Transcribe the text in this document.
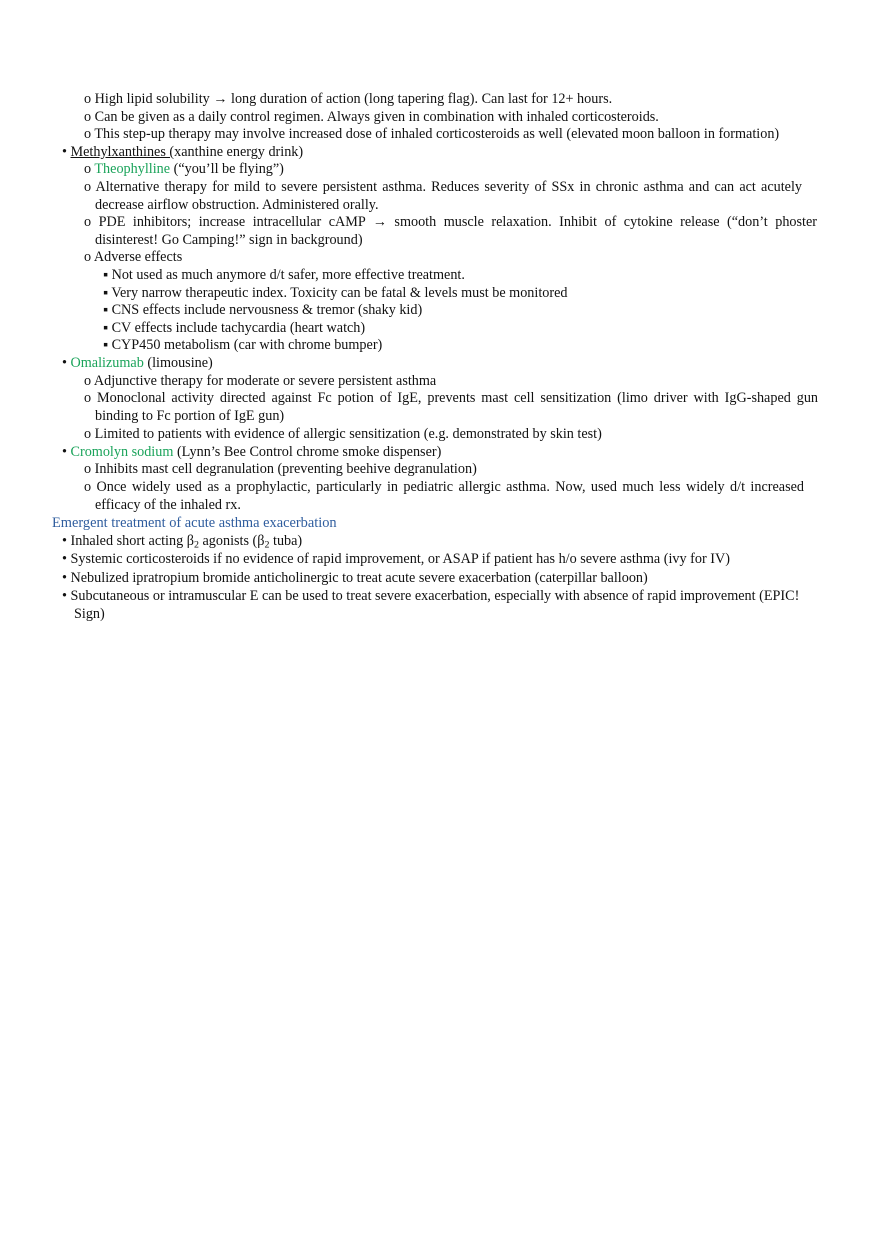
o High lipid solubility → long duration of action (long tapering flag). Can last for 12+ hours.
o Can be given as a daily control regimen. Always given in combination with inhaled corticosteroids.
o This step-up therapy may involve increased dose of inhaled corticosteroids as well (elevated moon balloon in formation)
• Methylxanthines (xanthine energy drink)
o Theophylline (“you’ll be flying”)
o Alternative therapy for mild to severe persistent asthma. Reduces severity of SSx in chronic asthma and can act acutely
decrease airflow obstruction. Administered orally.
o PDE inhibitors; increase intracellular cAMP → smooth muscle relaxation. Inhibit of cytokine release (“don’t phoster
disinterest! Go Camping!” sign in background)
o Adverse effects
▪ Not used as much anymore d/t safer, more effective treatment.
▪ Very narrow therapeutic index. Toxicity can be fatal & levels must be monitored
▪ CNS effects include nervousness & tremor (shaky kid)
▪ CV effects include tachycardia (heart watch)
▪ CYP450 metabolism (car with chrome bumper)
• Omalizumab (limousine)
o Adjunctive therapy for moderate or severe persistent asthma
o Monoclonal activity directed against Fc potion of IgE, prevents mast cell sensitization (limo driver with IgG-shaped gun
binding to Fc portion of IgE gun)
o Limited to patients with evidence of allergic sensitization (e.g. demonstrated by skin test)
• Cromolyn sodium (Lynn’s Bee Control chrome smoke dispenser)
o Inhibits mast cell degranulation (preventing beehive degranulation)
o Once widely used as a prophylactic, particularly in pediatric allergic asthma. Now, used much less widely d/t increased
efficacy of the inhaled rx.
Emergent treatment of acute asthma exacerbation
• Inhaled short acting $\beta_2$ agonists ($\beta_2$ tuba)
• Systemic corticosteroids if no evidence of rapid improvement, or ASAP if patient has h/o severe asthma (ivy for IV)
• Nebulized ipratropium bromide anticholinergic to treat acute severe exacerbation (caterpillar balloon)
• Subcutaneous or intramuscular E can be used to treat severe exacerbation, especially with absence of rapid improvement (EPIC!
Sign)
